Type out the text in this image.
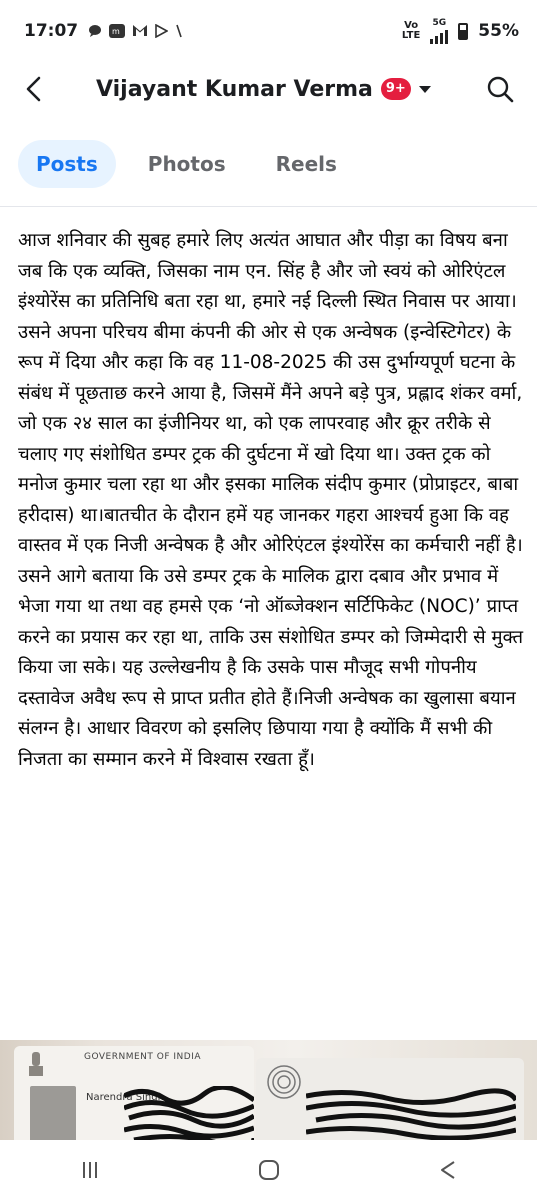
17:07	m
Vo
LTE
5G 55%
Vijayant Kumar Verma	9+
Posts	Photos	Reels
आज शनिवार की सुबह हमारे लिए अत्यंत आघात और पीड़ा का विषय बना जब कि एक व्यक्ति, जिसका नाम एन. सिंह है और जो स्वयं को ओरिएंटल इंश्योरेंस का प्रतिनिधि बता रहा था, हमारे नई दिल्ली स्थित निवास पर आया। उसने अपना परिचय बीमा कंपनी की ओर से एक अन्वेषक (इन्वेस्टिगेटर) के रूप में दिया और कहा कि वह 11-08-2025 की उस दुर्भाग्यपूर्ण घटना के संबंध में पूछताछ करने आया है, जिसमें मैंने अपने बड़े पुत्र, प्रह्लाद शंकर वर्मा, जो एक २४ साल का इंजीनियर था, को एक लापरवाह और क्रूर तरीके से चलाए गए संशोधित डम्पर ट्रक की दुर्घटना में खो दिया था। उक्त ट्रक को मनोज कुमार चला रहा था और इसका मालिक संदीप कुमार (प्रोप्राइटर, बाबा हरीदास) था।बातचीत के दौरान हमें यह जानकर गहरा आश्चर्य हुआ कि वह वास्तव में एक निजी अन्वेषक है और ओरिएंटल इंश्योरेंस का कर्मचारी नहीं है। उसने आगे बताया कि उसे डम्पर ट्रक के मालिक द्वारा दबाव और प्रभाव में भेजा गया था तथा वह हमसे एक ‘नो ऑब्जेक्शन सर्टिफिकेट (NOC)’ प्राप्त करने का प्रयास कर रहा था, ताकि उस संशोधित डम्पर को जिम्मेदारी से मुक्त किया जा सके। यह उल्लेखनीय है कि उसके पास मौजूद सभी गोपनीय दस्तावेज अवैध रूप से प्राप्त प्रतीत होते हैं।निजी अन्वेषक का खुलासा बयान संलग्न है। आधार विवरण को इसलिए छिपाया गया है क्योंकि मैं सभी की निजता का सम्मान करने में विश्वास रखता हूँ।
GOVERNMENT OF INDIA
Narendra Singh
